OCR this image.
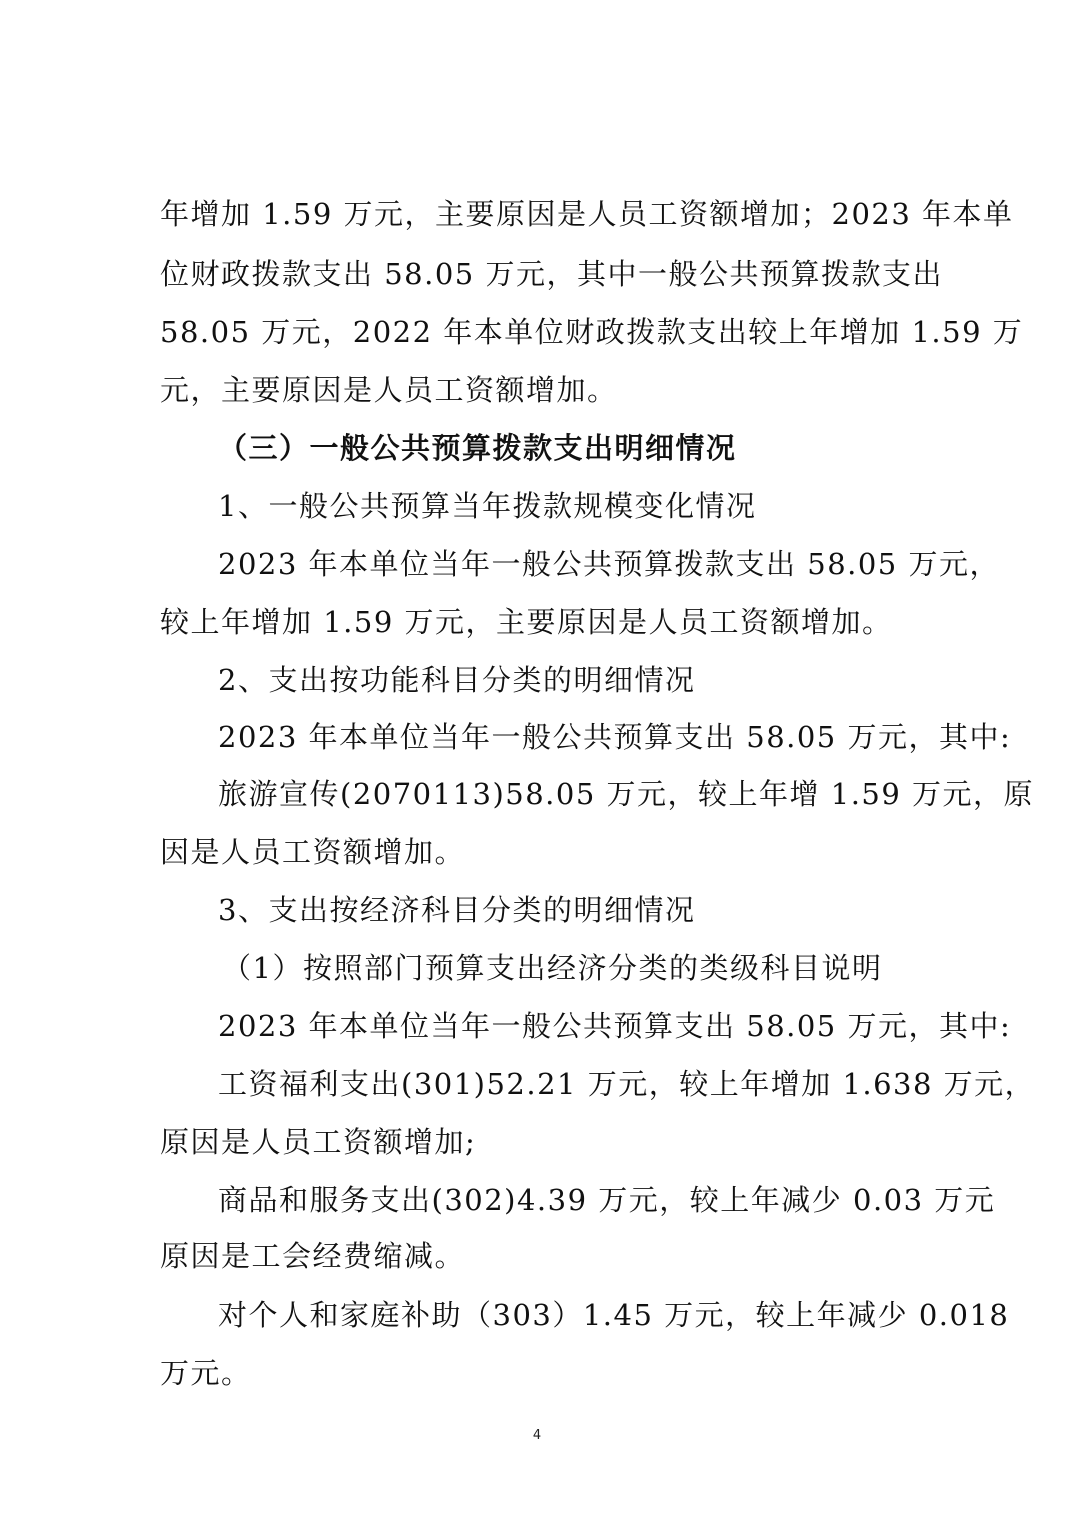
年增加 1.59 万元，主要原因是人员工资额增加；2023 年本单
位财政拨款支出 58.05 万元，其中一般公共预算拨款支出
58.05 万元，2022 年本单位财政拨款支出较上年增加 1.59 万
元，主要原因是人员工资额增加。
（三）一般公共预算拨款支出明细情况
1、一般公共预算当年拨款规模变化情况
2023 年本单位当年一般公共预算拨款支出 58.05 万元，
较上年增加 1.59 万元，主要原因是人员工资额增加。
2、支出按功能科目分类的明细情况
2023 年本单位当年一般公共预算支出 58.05 万元，其中:
旅游宣传(2070113)58.05 万元，较上年增 1.59 万元，原
因是人员工资额增加。
3、支出按经济科目分类的明细情况
（1）按照部门预算支出经济分类的类级科目说明
2023 年本单位当年一般公共预算支出 58.05 万元，其中:
工资福利支出(301)52.21 万元，较上年增加 1.638 万元，
原因是人员工资额增加;
商品和服务支出(302)4.39 万元，较上年减少 0.03 万元
原因是工会经费缩减。
对个人和家庭补助（303）1.45 万元，较上年减少 0.018
万元。
4
